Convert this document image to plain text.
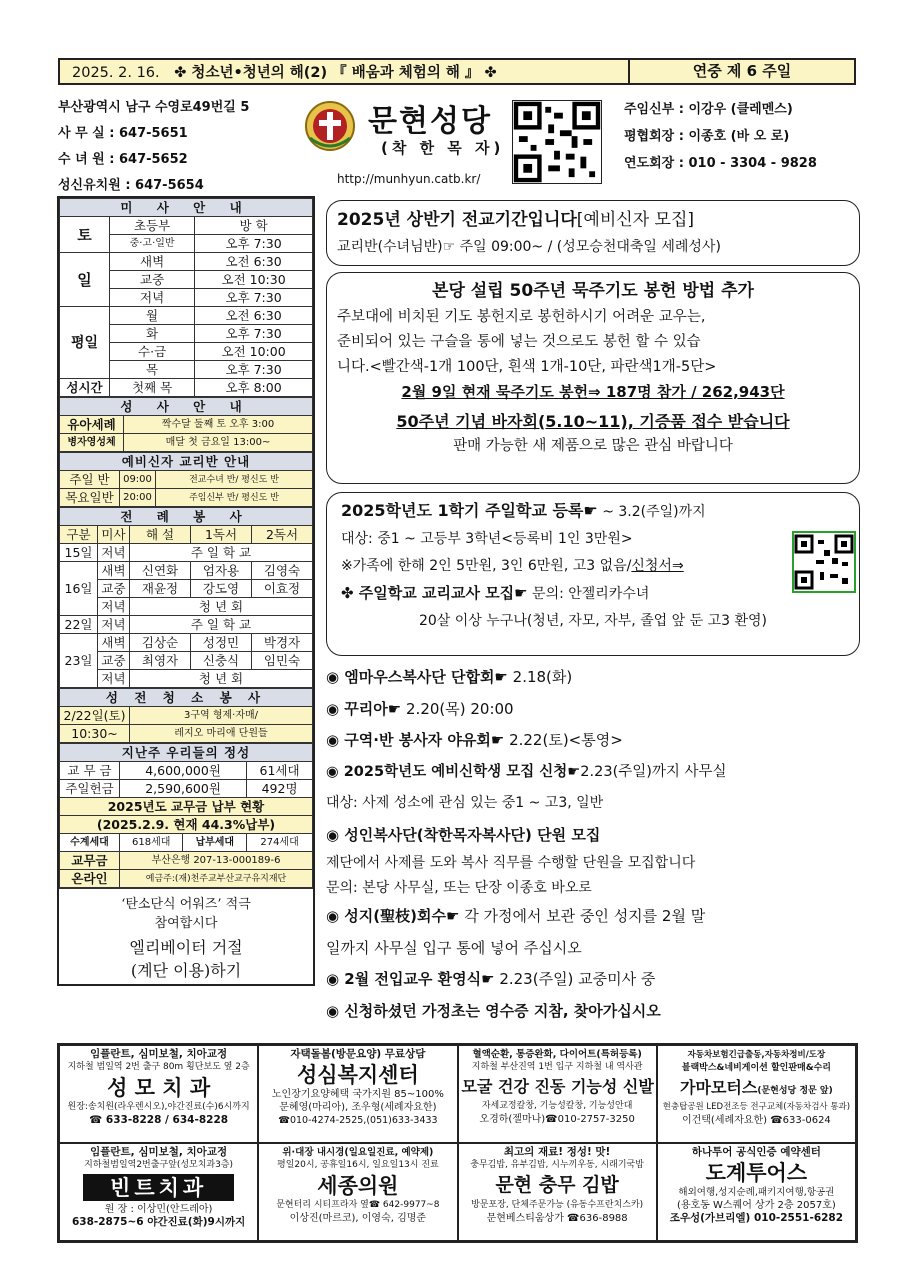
2025. 2. 16. ✤ 청소년•청년의 해(2) 『 배움과 체험의 해 』 ✤	연중 제 6 주일
부산광역시 남구 수영로49번길 5
사 무 실 : 647-5651
수 녀 원 : 647-5652
성신유치원 : 647-5654
문현성당
(착 한 목 자)
http://munhyun.catb.kr/
주임신부 : 이강우 (클레멘스)
평협회장 : 이종호 (바 오 로)
연도회장 : 010 - 3304 - 9828
미 사 안 내		
토	초등부	방 학
	중·고·일반	오후 7:30
일	새벽	오전 6:30
	교중	오전 10:30
	저녁	오후 7:30
평일	월	오전 6:30
	화	오후 7:30
	수·금	오전 10:00
	목	오후 7:30
성시간	첫째 목	오후 8:00
성 사 안 내	
유아세례	짝수달 둘째 토 오후 3:00
병자영성체	매달 첫 금요일 13:00~
예비신자 교리반 안내		
주일 반	09:00	전교수녀 반/ 평신도 반
목요일반	20:00	주임신부 반/ 평신도 반
전 례 봉 사				
구분	미사	해 설	1독서	2독서
15일	저녁	주 일 학 교		
16일	새벽	신연화	엄자용	김영숙
	교중	재윤정	강도영	이효정
	저녁	청 년 회		
22일	저녁	주 일 학 교		
23일	새벽	김상순	성정민	박경자
	교중	최영자	신충식	임민숙
	저녁	청 년 회		
성 전 청 소 봉 사	
2/22일(토)	3구역 형제·자매/
10:30~	레지오 마리애 단원들
지난주 우리들의 정성			
교 무 금	4,600,000원		61세대
주일헌금	2,590,600원		492명
2025년도 교무금 납부 현황			
(2025.2.9. 현재 44.3%납부)			
수계세대	618세대	납부세대	274세대
교무금	부산은행 207-13-000189-6		
온라인	예금주:(재)천주교부산교구유지재단		
‘탄소단식 어워즈’ 적극
참여합시다
엘리베이터 거절
(계단 이용)하기
2025년 상반기 전교기간입니다[예비신자 모집]
교리반(수녀님반)☞ 주일 09:00~ / (성모승천대축일 세례성사)
본당 설립 50주년 묵주기도 봉헌 방법 추가
주보대에 비치된 기도 봉헌지로 봉헌하시기 어려운 교우는,
준비되어 있는 구슬을 통에 넣는 것으로도 봉헌 할 수 있습
니다.<빨간색-1개 100단, 흰색 1개-10단, 파란색1개-5단>
2월 9일 현재 묵주기도 봉헌⇒ 187명 참가 / 262,943단
50주년 기념 바자회(5.10~11), 기증품 접수 받습니다
판매 가능한 새 제품으로 많은 관심 바랍니다
2025학년도 1학기 주일학교 등록☛ ~ 3.2(주일)까지
대상: 중1 ~ 고등부 3학년<등록비 1인 3만원>
※가족에 한해 2인 5만원, 3인 6만원, 고3 없음/신청서⇒
✤ 주일학교 교리교사 모집☛ 문의: 안젤리카수녀
20살 이상 누구나(청년, 자모, 자부, 졸업 앞 둔 고3 환영)
◉ 엠마우스복사단 단합회☛ 2.18(화)
◉ 꾸리아☛ 2.20(목) 20:00
◉ 구역·반 봉사자 야유회☛ 2.22(토)<통영>
◉ 2025학년도 예비신학생 모집 신청☛2.23(주일)까지 사무실
대상: 사제 성소에 관심 있는 중1 ~ 고3, 일반
◉ 성인복사단(착한목자복사단) 단원 모집
제단에서 사제를 도와 복사 직무를 수행할 단원을 모집합니다
문의: 본당 사무실, 또는 단장 이종호 바오로
◉ 성지(聖枝)회수☛ 각 가정에서 보관 중인 성지를 2월 말
일까지 사무실 입구 통에 넣어 주십시오
◉ 2월 전입교우 환영식☛ 2.23(주일) 교중미사 중
◉ 신청하셨던 가정초는 영수증 지참, 찾아가십시오
임플란트, 심미보철, 치아교정
지하철 범일역 2번 출구 80m 횡단보도 옆 2층
성 모 치 과
원장:송치원(라우렌시오),야간진료(수)6시까지
☎ 633-8228 / 634-8228
자택돌봄(방문요양) 무료상담
성심복지센터
노인장기요양혜택 국가지원 85~100%
문혜영(마리아), 조우형(세례자요한)
☎010-4274-2525,(051)633-3433
혈액순환, 통증완화, 다이어트(특허등록)
지하철 부산진역 1번 입구 지하철 내 역사관
모굴 건강 진동 기능성 신발
자세교정칼창, 기능성칼창, 기능성안대
오경하(젤마나)☎010-2757-3250
자동차보험긴급출동,자동차정비/도장
블랙박스&네비게이션 할인판매&수리
가마모터스(문현성당 정문 앞)
현충탑공원 LED전조등 전구교체(자동차검사 통과)
이건택(세례자요한) ☎633-0624
임플란트, 심미보철, 치아교정
지하철범일역2번출구앞(성모치과3층)
빈트치과
원 장 : 이상민(안드레아)
638-2875~6 야간진료(화)9시까지
위·대장 내시경(일요일진료, 예약제)
평일20시, 공휴일16시, 일요일13시 진료
세종의원
문현터리 시티프라자 옆☎ 642-9977~8
이상진(마르코), 이영숙, 김명준
최고의 재료! 정성! 맛!
충무김밥, 유부김밥, 시누끼우동, 시래기국밥
문현 충무 김밥
방문포장, 단체주문가능 (유동수프란치스카)
문현베스티움상가 ☎636-8988
하나투어 공식인증 예약센터
도계투어스
해외여행,성지순례,패키지여행,항공권
(용호동 W스퀘어 상가 2층 2057호)
조우성(가브리엘) 010-2551-6282
